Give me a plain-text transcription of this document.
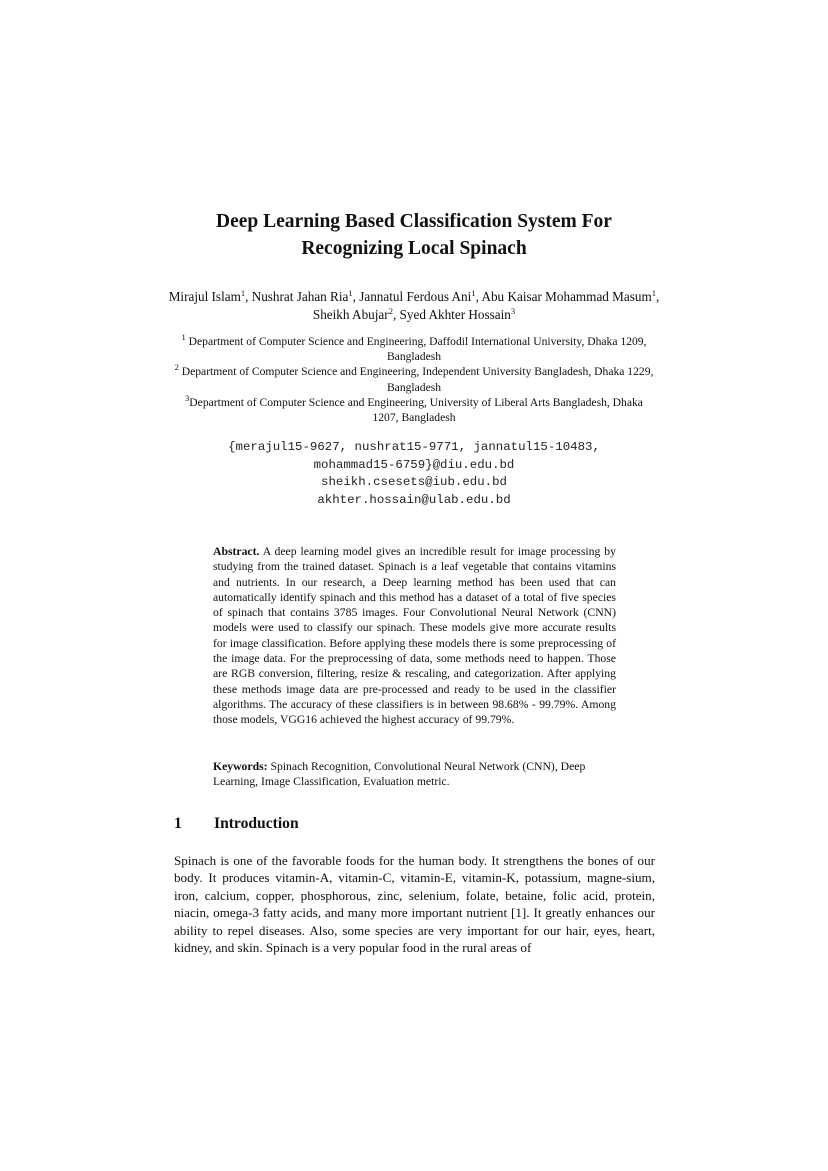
Deep Learning Based Classification System For
Recognizing Local Spinach
Mirajul Islam$^1$, Nushrat Jahan Ria$^1$, Jannatul Ferdous Ani$^1$, Abu Kaisar Mohammad Masum$^1$, Sheikh Abujar$^2$, Syed Akhter Hossain$^3$
$^1$ Department of Computer Science and Engineering, Daffodil International University, Dhaka 1209, Bangladesh
$^2$ Department of Computer Science and Engineering, Independent University Bangladesh, Dhaka 1229, Bangladesh
$^3$Department of Computer Science and Engineering, University of Liberal Arts Bangladesh, Dhaka 1207, Bangladesh
{merajul15-9627, nushrat15-9771, jannatul15-10483,
mohammad15-6759}@diu.edu.bd
sheikh.csesets@iub.edu.bd
akhter.hossain@ulab.edu.bd
Abstract. A deep learning model gives an incredible result for image processing by studying from the trained dataset. Spinach is a leaf vegetable that contains vitamins and nutrients. In our research, a Deep learning method has been used that can automatically identify spinach and this method has a dataset of a total of five species of spinach that contains 3785 images. Four Convolutional Neural Network (CNN) models were used to classify our spinach. These models give more accurate results for image classification. Before applying these models there is some preprocessing of the image data. For the preprocessing of data, some methods need to happen. Those are RGB conversion, filtering, resize & rescaling, and categorization. After applying these methods image data are pre-processed and ready to be used in the classifier algorithms. The accuracy of these classifiers is in between 98.68% - 99.79%. Among those models, VGG16 achieved the highest accuracy of 99.79%.
Keywords: Spinach Recognition, Convolutional Neural Network (CNN), Deep Learning, Image Classification, Evaluation metric.
1 Introduction
Spinach is one of the favorable foods for the human body. It strengthens the bones of our body. It produces vitamin-A, vitamin-C, vitamin-E, vitamin-K, potassium, magne-sium, iron, calcium, copper, phosphorous, zinc, selenium, folate, betaine, folic acid, protein, niacin, omega-3 fatty acids, and many more important nutrient [1]. It greatly enhances our ability to repel diseases. Also, some species are very important for our hair, eyes, heart, kidney, and skin. Spinach is a very popular food in the rural areas of
